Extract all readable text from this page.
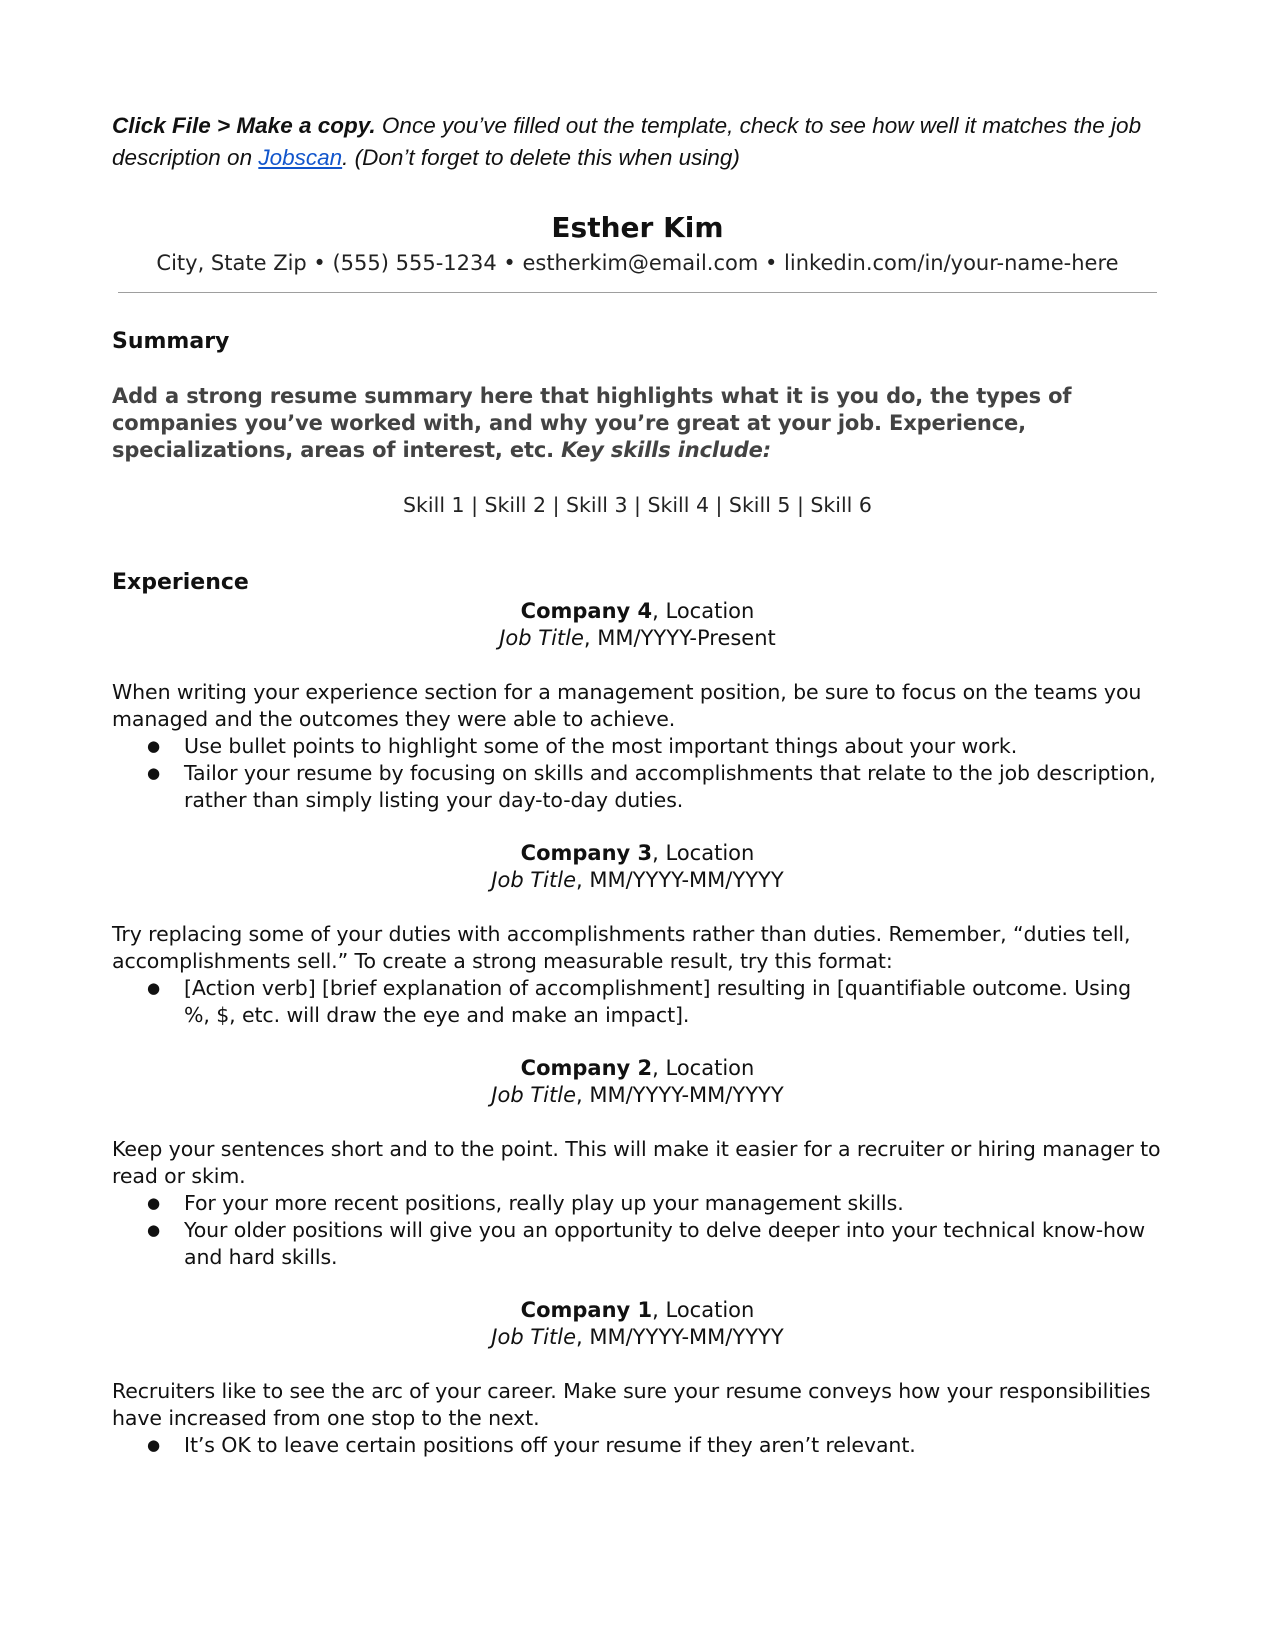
Click File > Make a copy. Once you’ve filled out the template, check to see how well it matches the job description on Jobscan. (Don’t forget to delete this when using)
Esther Kim
City, State Zip • (555) 555-1234 • estherkim@email.com • linkedin.com/in/your-name-here
Summary
Add a strong resume summary here that highlights what it is you do, the types of companies you’ve worked with, and why you’re great at your job. Experience, specializations, areas of interest, etc. Key skills include:
Skill 1 | Skill 2 | Skill 3 | Skill 4 | Skill 5 | Skill 6
Experience
Company 4, Location
Job Title, MM/YYYY-Present
When writing your experience section for a management position, be sure to focus on the teams you managed and the outcomes they were able to achieve.
● Use bullet points to highlight some of the most important things about your work.
● Tailor your resume by focusing on skills and accomplishments that relate to the job description, rather than simply listing your day-to-day duties.
Company 3, Location
Job Title, MM/YYYY-MM/YYYY
Try replacing some of your duties with accomplishments rather than duties. Remember, “duties tell, accomplishments sell.” To create a strong measurable result, try this format:
● [Action verb] [brief explanation of accomplishment] resulting in [quantifiable outcome. Using %, $, etc. will draw the eye and make an impact].
Company 2, Location
Job Title, MM/YYYY-MM/YYYY
Keep your sentences short and to the point. This will make it easier for a recruiter or hiring manager to read or skim.
● For your more recent positions, really play up your management skills.
● Your older positions will give you an opportunity to delve deeper into your technical know-how and hard skills.
Company 1, Location
Job Title, MM/YYYY-MM/YYYY
Recruiters like to see the arc of your career. Make sure your resume conveys how your responsibilities have increased from one stop to the next.
● It’s OK to leave certain positions off your resume if they aren’t relevant.
